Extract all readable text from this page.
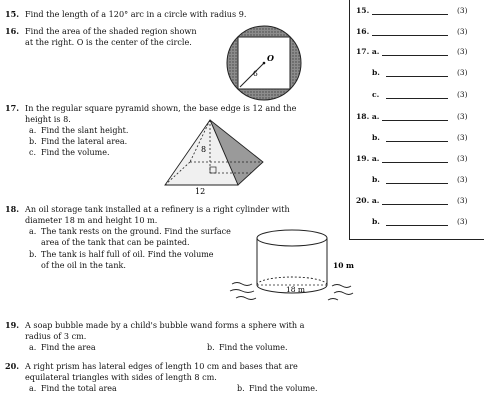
15. Find the length of a 120° arc in a circle with radius 9.
16. Find the area of the shaded region shown
at the right. O is the center of the circle.
O
6
17. In the regular square pyramid shown, the base edge is 12 and the
height is 8.
a. Find the slant height.
b. Find the lateral area.
c. Find the volume.	8
12
18. An oil storage tank installed at a refinery is a right cylinder with
diameter 18 m and height 10 m.
a. The tank rests on the ground. Find the surface
area of the tank that can be painted.
b. The tank is half full of oil. Find the volume
of the oil in the tank.
18 m
10 m
19. A soap bubble made by a child's bubble wand forms a sphere with a
radius of 3 cm.
a. Find the area	b. Find the volume.
20. A right prism has lateral edges of length 10 cm and bases that are
equilateral triangles with sides of length 8 cm.
a. Find the total area	b. Find the volume.
15.	(3)
16.	(3)
17. a.	(3)
b.	(3)
c.	(3)
18. a.	(3)
b.	(3)
19. a.	(3)
b.	(3)
20. a.	(3)
b.	(3)
